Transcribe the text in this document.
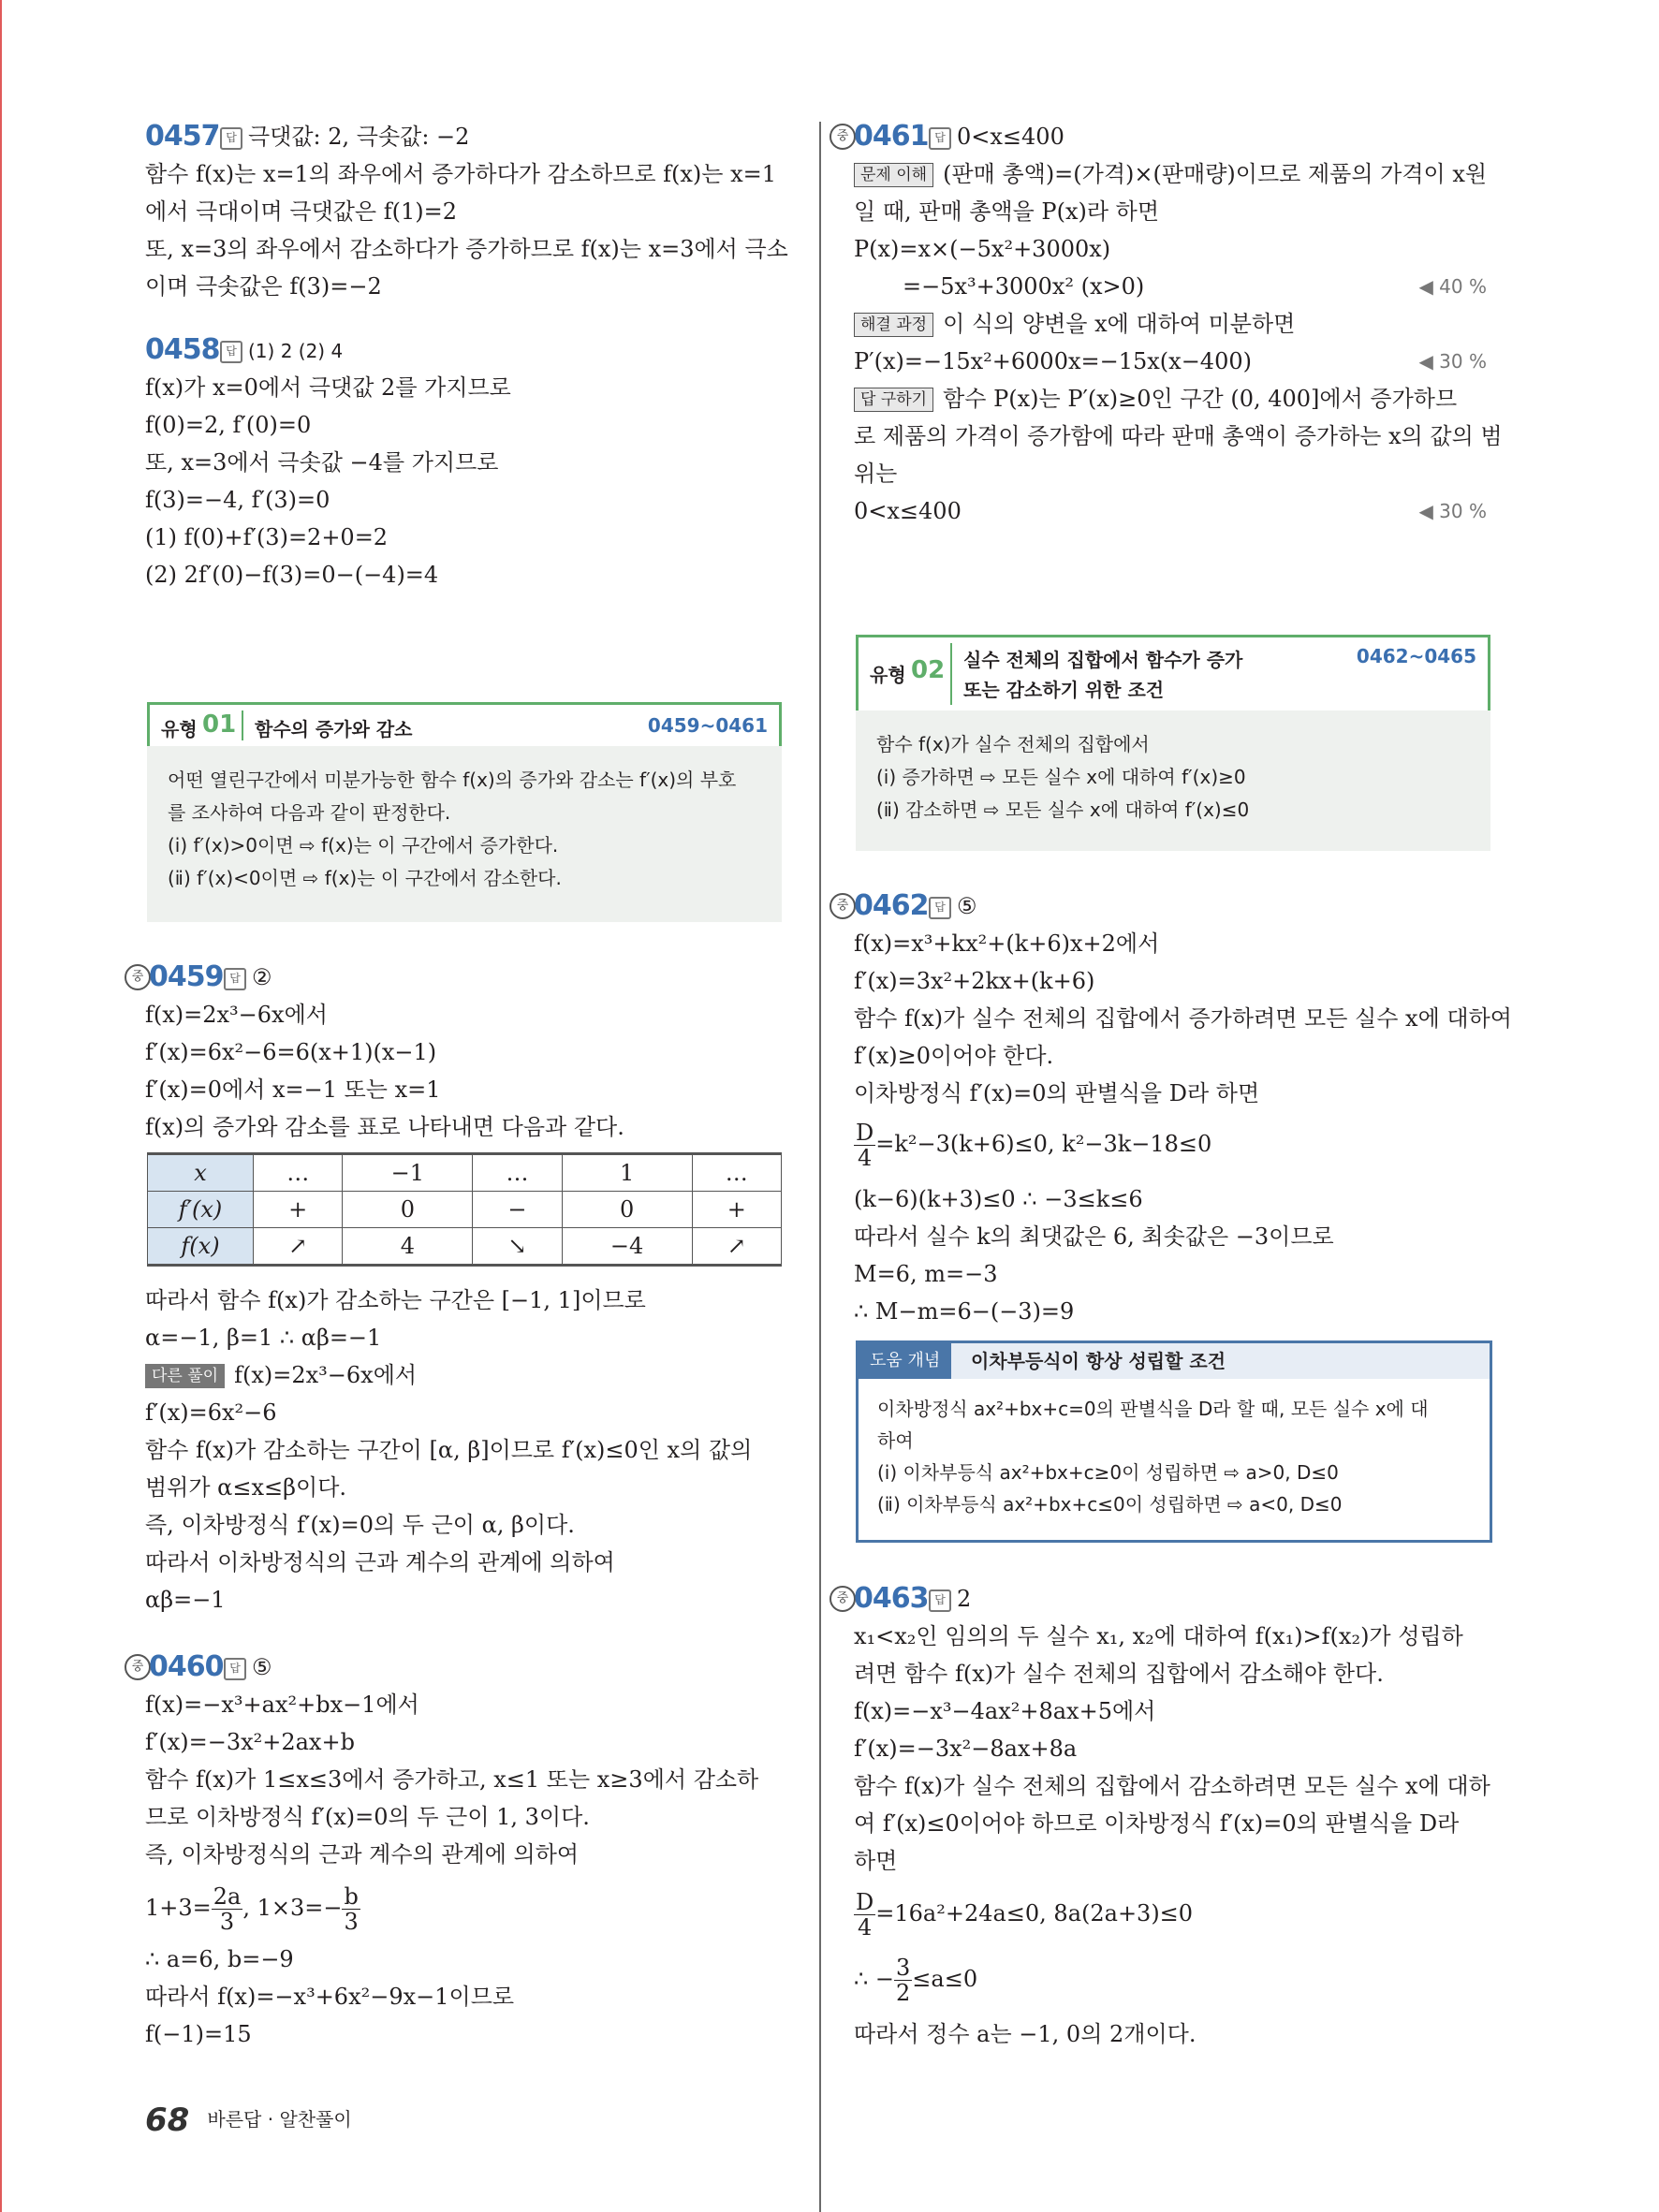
0457 답 극댓값: 2, 극솟값: −2
함수 f(x)는 x=1의 좌우에서 증가하다가 감소하므로 f(x)는 x=1
에서 극대이며 극댓값은 f(1)=2
또, x=3의 좌우에서 감소하다가 증가하므로 f(x)는 x=3에서 극소
이며 극솟값은 f(3)=−2
0458 답 (1) 2 (2) 4
f(x)가 x=0에서 극댓값 2를 가지므로
f(0)=2, f′(0)=0
또, x=3에서 극솟값 −4를 가지므로
f(3)=−4, f′(3)=0
(1) f(0)+f′(3)=2+0=2
(2) 2f′(0)−f(3)=0−(−4)=4
유형 01 함수의 증가와 감소	0459~0461
어떤 열린구간에서 미분가능한 함수 f(x)의 증가와 감소는 f′(x)의 부호
를 조사하여 다음과 같이 판정한다.
(ⅰ) f′(x)>0이면 ⇨ f(x)는 이 구간에서 증가한다.
(ⅱ) f′(x)<0이면 ⇨ f(x)는 이 구간에서 감소한다.
중 0459 답 ②
f(x)=2x³−6x에서
f′(x)=6x²−6=6(x+1)(x−1)
f′(x)=0에서 x=−1 또는 x=1
f(x)의 증가와 감소를 표로 나타내면 다음과 같다.
x	…	−1	…	1	…
f′(x)	+	0	−	0	+
f(x)	↗	4	↘	−4	↗
따라서 함수 f(x)가 감소하는 구간은 [−1, 1]이므로
α=−1, β=1 ∴ αβ=−1
다른 풀이 f(x)=2x³−6x에서
f′(x)=6x²−6
함수 f(x)가 감소하는 구간이 [α, β]이므로 f′(x)≤0인 x의 값의
범위가 α≤x≤β이다.
즉, 이차방정식 f′(x)=0의 두 근이 α, β이다.
따라서 이차방정식의 근과 계수의 관계에 의하여
αβ=−1
중 0460 답 ⑤
f(x)=−x³+ax²+bx−1에서
f′(x)=−3x²+2ax+b
함수 f(x)가 1≤x≤3에서 증가하고, x≤1 또는 x≥3에서 감소하
므로 이차방정식 f′(x)=0의 두 근이 1, 3이다.
즉, 이차방정식의 근과 계수의 관계에 의하여
$1+3= \frac{2a}{3}$ , $1\times 3=- \frac{b}{3}$
∴ a=6, b=−9
따라서 f(x)=−x³+6x²−9x−1이므로
f(−1)=15
68 바른답 · 알찬풀이
중 0461 답 0<x≤400
문제 이해 (판매 총액)=(가격)×(판매량)이므로 제품의 가격이 x원
일 때, 판매 총액을 P(x)라 하면
P(x)=x×(−5x²+3000x)
=−5x³+3000x² (x>0)	◀ 40 %
해결 과정 이 식의 양변을 x에 대하여 미분하면
P′(x)=−15x²+6000x=−15x(x−400)	◀ 30 %
답 구하기 함수 P(x)는 P′(x)≥0인 구간 (0, 400]에서 증가하므
로 제품의 가격이 증가함에 따라 판매 총액이 증가하는 x의 값의 범
위는
0<x≤400	◀ 30 %
유형 02 실수 전체의 집합에서 함수가 증가
또는 감소하기 위한 조건
0462~0465
함수 f(x)가 실수 전체의 집합에서
(ⅰ) 증가하면 ⇨ 모든 실수 x에 대하여 f′(x)≥0
(ⅱ) 감소하면 ⇨ 모든 실수 x에 대하여 f′(x)≤0
중 0462 답 ⑤
f(x)=x³+kx²+(k+6)x+2에서
f′(x)=3x²+2kx+(k+6)
함수 f(x)가 실수 전체의 집합에서 증가하려면 모든 실수 x에 대하여
f′(x)≥0이어야 한다.
이차방정식 f′(x)=0의 판별식을 D라 하면
$\frac{D}{4} =k^2-3(k+6)\le 0$, k²−3k−18≤0
(k−6)(k+3)≤0 ∴ −3≤k≤6
따라서 실수 k의 최댓값은 6, 최솟값은 −3이므로
M=6, m=−3
∴ M−m=6−(−3)=9
도움 개념	이차부등식이 항상 성립할 조건
이차방정식 ax²+bx+c=0의 판별식을 D라 할 때, 모든 실수 x에 대
하여
(ⅰ) 이차부등식 ax²+bx+c≥0이 성립하면 ⇨ a>0, D≤0
(ⅱ) 이차부등식 ax²+bx+c≤0이 성립하면 ⇨ a<0, D≤0
중 0463 답 2
x₁<x₂인 임의의 두 실수 x₁, x₂에 대하여 f(x₁)>f(x₂)가 성립하
려면 함수 f(x)가 실수 전체의 집합에서 감소해야 한다.
f(x)=−x³−4ax²+8ax+5에서
f′(x)=−3x²−8ax+8a
함수 f(x)가 실수 전체의 집합에서 감소하려면 모든 실수 x에 대하
여 f′(x)≤0이어야 하므로 이차방정식 f′(x)=0의 판별식을 D라
하면
$\frac{D}{4} =16a^2+24a\le 0$, 8a(2a+3)≤0
∴ − $\frac{3}{2} \le a\le 0$
따라서 정수 a는 −1, 0의 2개이다.
